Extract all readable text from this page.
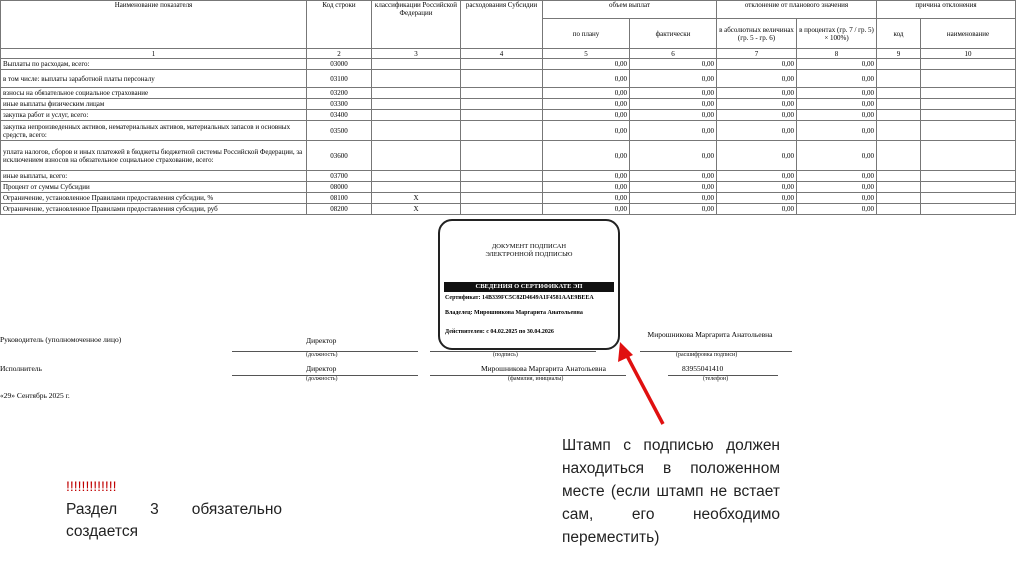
Наименование показателя	Код строки	классификации Российской Федерации	расходования Субсидии	объем выплат		отклонение от планового значения		причина отклонения	
				по плану	фактически	в абсолютных величинах (гр. 5 - гр. 6)	в процентах (гр. 7 / гр. 5) × 100%)	код	наименование
1	2	3	4	5	6	7	8	9	10
Выплаты по расходам, всего:	03000			0,00	0,00	0,00	0,00		
в том числе: выплаты заработной платы персоналу	03100			0,00	0,00	0,00	0,00		
взносы на обязательное социальное страхование	03200			0,00	0,00	0,00	0,00		
иные выплаты физическим лицам	03300			0,00	0,00	0,00	0,00		
закупка работ и услуг, всего:	03400			0,00	0,00	0,00	0,00		
закупка непроизведенных активов, нематериальных активов, материальных запасов и основных средств, всего:	03500			0,00	0,00	0,00	0,00		
уплата налогов, сборов и иных платежей в бюджеты бюджетной системы Российской Федерации, за исключением взносов на обязательное социальное страхование, всего:	03600			0,00	0,00	0,00	0,00		
иные выплаты, всего:	03700			0,00	0,00	0,00	0,00		
Процент от суммы Субсидии	08000			0,00	0,00	0,00	0,00		
Ограничение, установленное Правилами предоставления субсидии, %	08100	X		0,00	0,00	0,00	0,00		
Ограничение, установленное Правилами предоставления субсидии, руб	08200	X		0,00	0,00	0,00	0,00		
ДОКУМЕНТ ПОДПИСАН
ЭЛЕКТРОННОЙ ПОДПИСЬЮ
СВЕДЕНИЯ О СЕРТИФИКАТЕ ЭП
Сертификат: 14B339FC5C82D4649A1F4581AAE9BEEA
Владелец: Мирошникова Маргарита Анатольевна
Действителен: с 04.02.2025 по 30.04.2026
Руководитель (уполномоченное лицо)	Директор
Мирошникова Маргарита Анатольевна
(должность)	(подпись)	(расшифровка подписи)
Исполнитель	Директор	Мирошникова Маргарита Анатольевна	83955041410
(должность)	(фамилия, инициалы)	(телефон)
«29» Сентябрь 2025 г.
Штамп с подписью должен находиться в положенном месте (если штамп не встает сам, его необходимо переместить)
!!!!!!!!!!!!!
Раздел 3 обязательно создается
